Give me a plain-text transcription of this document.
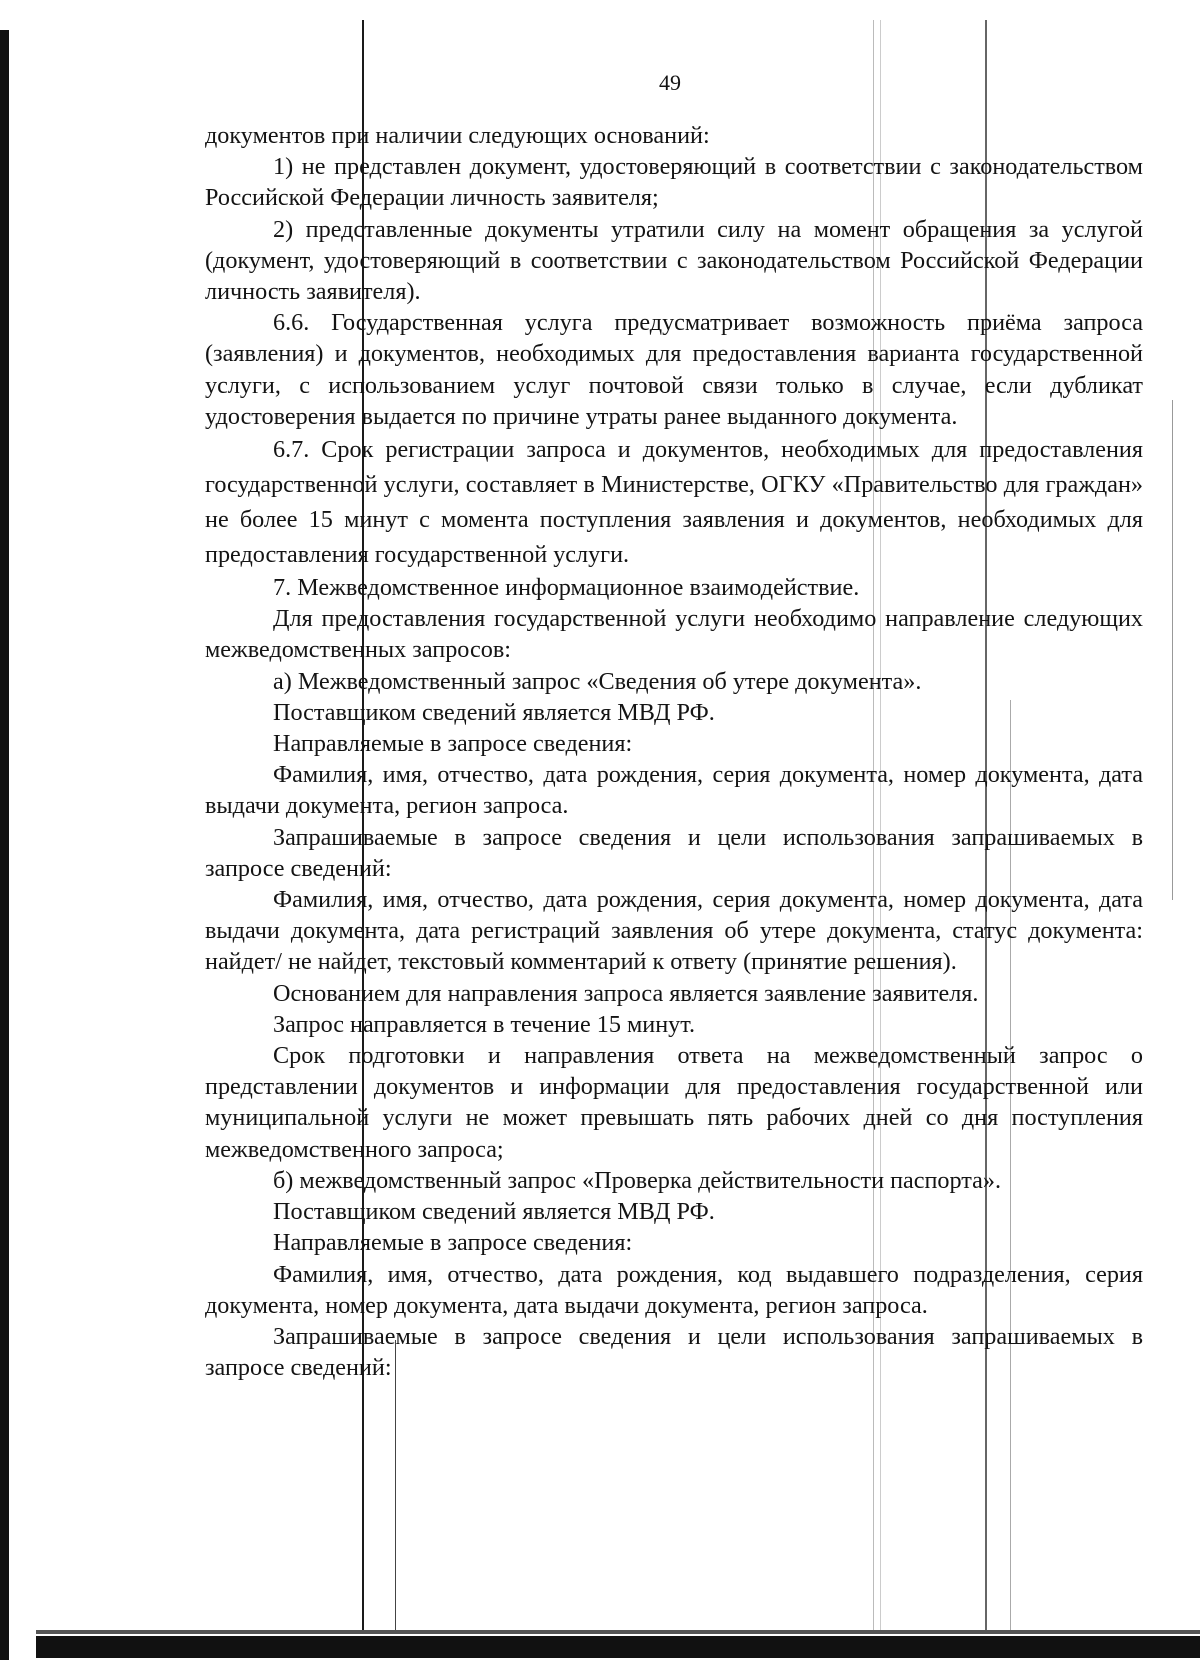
49

документов при наличии следующих оснований:

1) не представлен документ, удостоверяющий в соответствии с законодательством Российской Федерации личность заявителя;

2) представленные документы утратили силу на момент обращения за услугой (документ, удостоверяющий в соответствии с законодательством Российской Федерации личность заявителя).

6.6. Государственная услуга предусматривает возможность приёма запроса (заявления) и документов, необходимых для предоставления варианта государственной услуги, с использованием услуг почтовой связи только в случае, если дубликат удостоверения выдается по причине утраты ранее выданного документа.

6.7. Срок регистрации запроса и документов, необходимых для предоставления государственной услуги, составляет в Министерстве, ОГКУ «Правительство для граждан» не более 15 минут с момента поступления заявления и документов, необходимых для предоставления государственной услуги.

7. Межведомственное информационное взаимодействие.

Для предоставления государственной услуги необходимо направление следующих межведомственных запросов:

а) Межведомственный запрос «Сведения об утере документа».

Поставщиком сведений является МВД РФ.

Направляемые в запросе сведения:

Фамилия, имя, отчество, дата рождения, серия документа, номер документа, дата выдачи документа, регион запроса.

Запрашиваемые в запросе сведения и цели использования запрашиваемых в запросе сведений:

Фамилия, имя, отчество, дата рождения, серия документа, номер документа, дата выдачи документа, дата регистраций заявления об утере документа, статус документа: найдет/ не найдет, текстовый комментарий к ответу (принятие решения).

Основанием для направления запроса является заявление заявителя.

Запрос направляется в течение 15 минут.

Срок подготовки и направления ответа на межведомственный запрос о представлении документов и информации для предоставления государственной или муниципальной услуги не может превышать пять рабочих дней со дня поступления межведомственного запроса;

б) межведомственный запрос «Проверка действительности паспорта».

Поставщиком сведений является МВД РФ.

Направляемые в запросе сведения:

Фамилия, имя, отчество, дата рождения, код выдавшего подразделения, серия документа, номер документа, дата выдачи документа, регион запроса.

Запрашиваемые в запросе сведения и цели использования запрашиваемых в запросе сведений:
